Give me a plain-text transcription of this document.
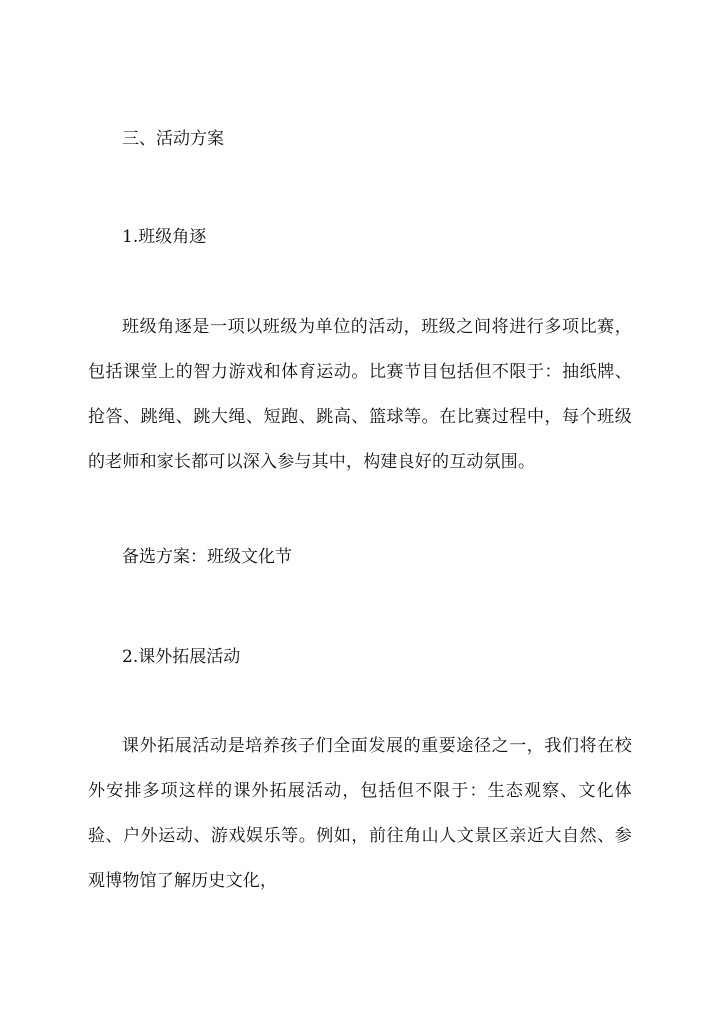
三、活动方案
1.班级角逐
班级角逐是一项以班级为单位的活动，班级之间将进行多项比赛，包括课堂上的智力游戏和体育运动。比赛节目包括但不限于：抽纸牌、抢答、跳绳、跳大绳、短跑、跳高、篮球等。在比赛过程中，每个班级的老师和家长都可以深入参与其中，构建良好的互动氛围。
备选方案：班级文化节
2.课外拓展活动
课外拓展活动是培养孩子们全面发展的重要途径之一，我们将在校外安排多项这样的课外拓展活动，包括但不限于：生态观察、文化体验、户外运动、游戏娱乐等。例如，前往角山人文景区亲近大自然、参观博物馆了解历史文化，
